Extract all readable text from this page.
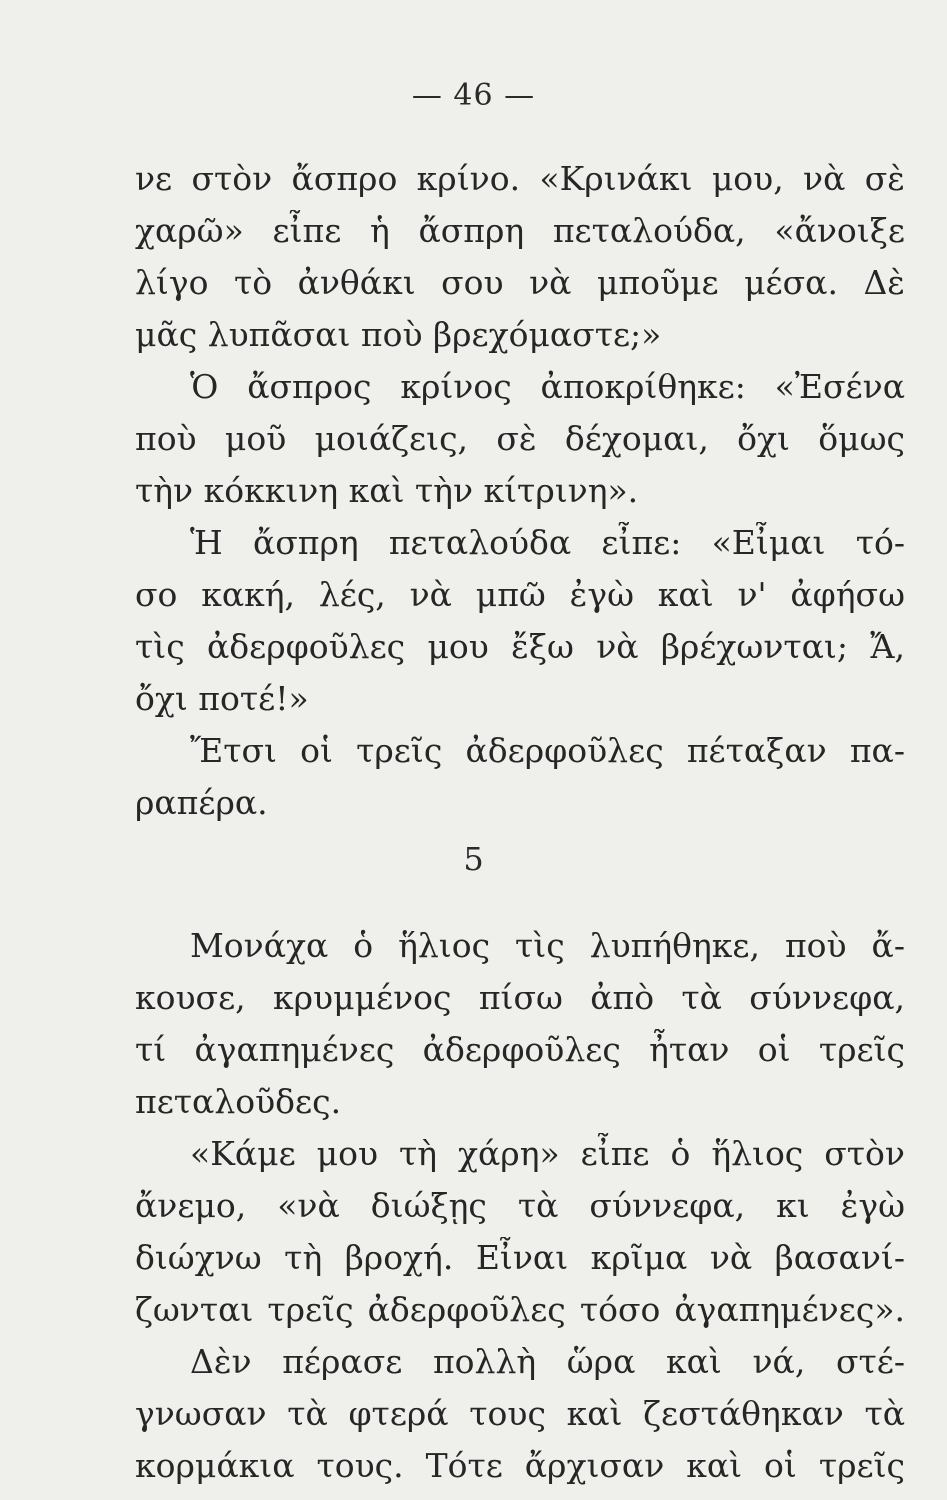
— 46 —
νε στὸν ἄσπρο κρίνο. «Κρινάκι μου, νὰ σὲ
χαρῶ» εἶπε ἡ ἄσπρη πεταλούδα, «ἄνοιξε
λίγο τὸ ἀνθάκι σου νὰ μποῦμε μέσα. Δὲ
μᾶς λυπᾶσαι ποὺ βρεχόμαστε;»
Ὁ ἄσπρος κρίνος ἀποκρίθηκε: «Ἐσένα
ποὺ μοῦ μοιάζεις, σὲ δέχομαι, ὄχι ὅμως
τὴν κόκκινη καὶ τὴν κίτρινη».
Ἡ ἄσπρη πεταλούδα εἶπε: «Εἶμαι τό-
σο κακή, λές, νὰ μπῶ ἐγὼ καὶ ν' ἀφήσω
τὶς ἀδερφοῦλες μου ἔξω νὰ βρέχωνται; Ἄ,
ὄχι ποτέ!»
Ἔτσι οἱ τρεῖς ἀδερφοῦλες πέταξαν πα-
ραπέρα.
5
Μονάχα ὁ ἥλιος τὶς λυπήθηκε, ποὺ ἄ-
κουσε, κρυμμένος πίσω ἀπὸ τὰ σύννεφα,
τί ἀγαπημένες ἀδερφοῦλες ἦταν οἱ τρεῖς
πεταλοῦδες.
«Κάμε μου τὴ χάρη» εἶπε ὁ ἥλιος στὸν
ἄνεμο, «νὰ διώξῃς τὰ σύννεφα, κι ἐγὼ
διώχνω τὴ βροχή. Εἶναι κρῖμα νὰ βασανί-
ζωνται τρεῖς ἀδερφοῦλες τόσο ἀγαπημένες».
Δὲν πέρασε πολλὴ ὥρα καὶ νά, στέ-
γνωσαν τὰ φτερά τους καὶ ζεστάθηκαν τὰ
κορμάκια τους. Τότε ἄρχισαν καὶ οἱ τρεῖς
